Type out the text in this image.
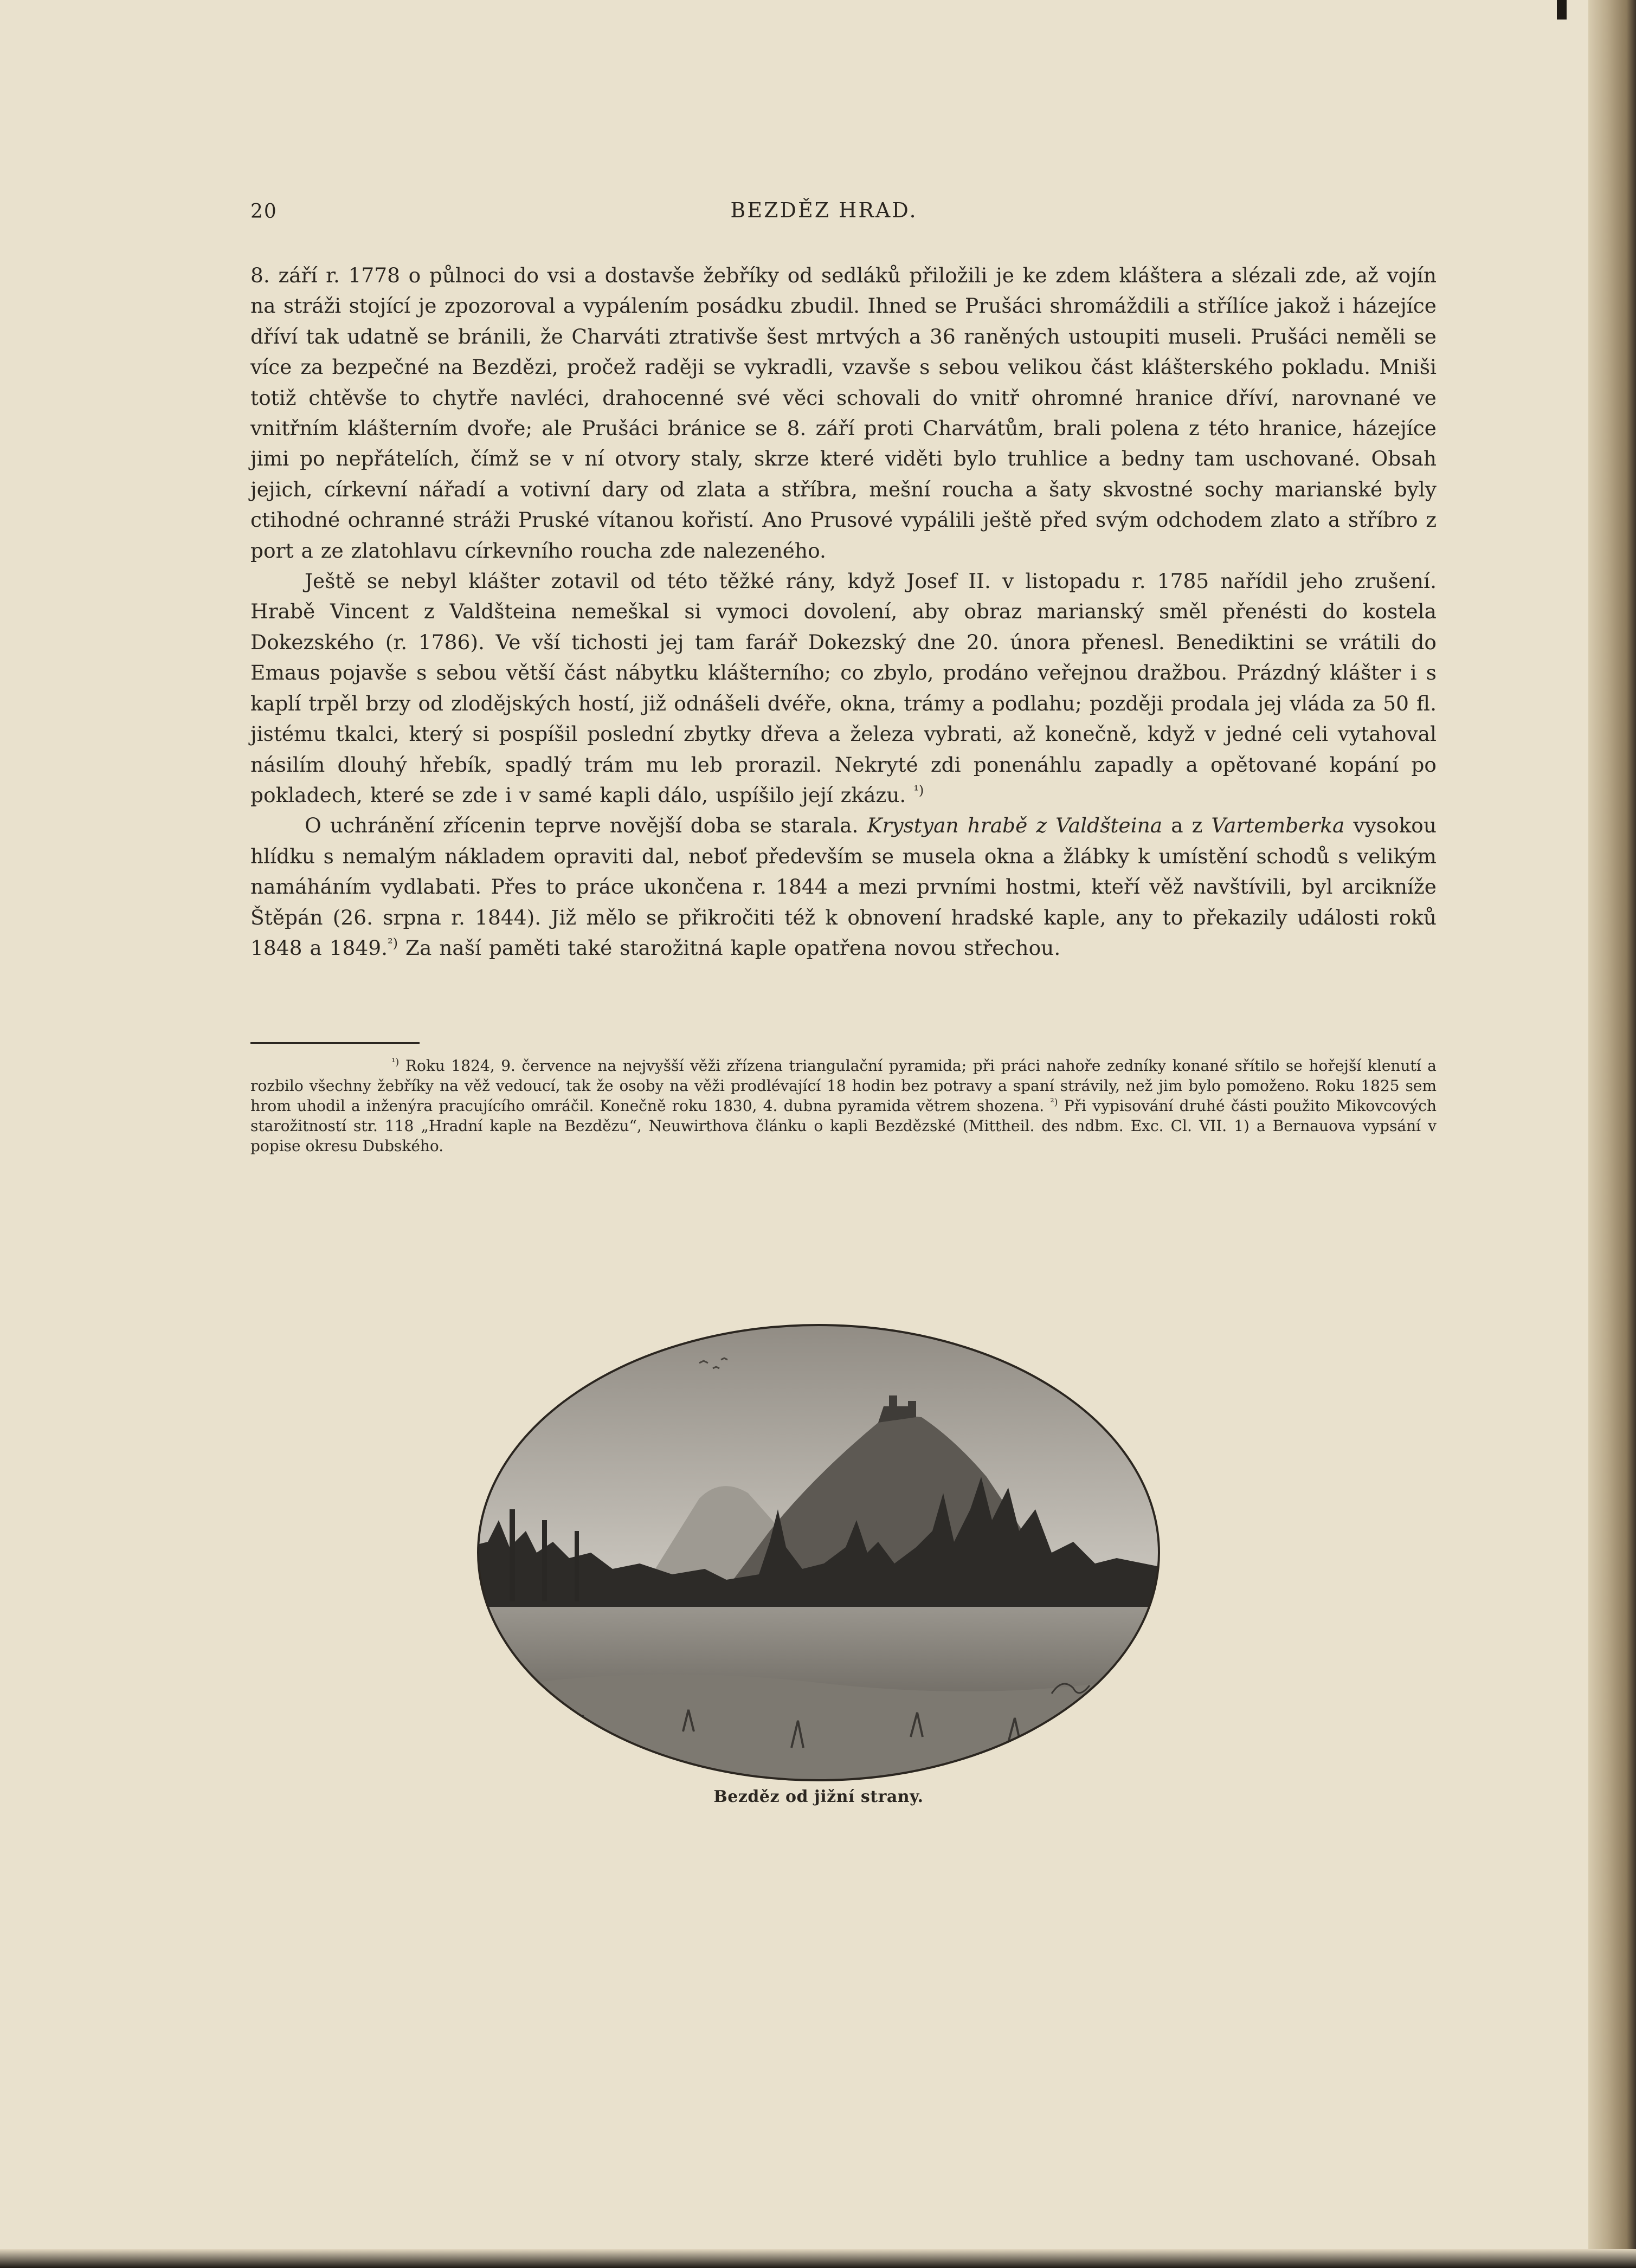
20	BEZDĚZ HRAD.

8. září r. 1778 o půlnoci do vsi a dostavše žebříky od sedláků přiložili je ke zdem kláštera a slézali zde, až vojín na stráži stojící je zpozoroval a vypálením posádku zbudil. Ihned se Prušáci shromáždili a střílíce jakož i házejíce dříví tak udatně se bránili, že Charváti ztrativše šest mrtvých a 36 raněných ustoupiti museli. Prušáci neměli se více za bezpečné na Bezdězi, pročež raději se vykradli, vzavše s sebou velikou část klášterského pokladu. Mniši totiž chtěvše to chytře navléci, drahocenné své věci schovali do vnitř ohromné hranice dříví, narovnané ve vnitřním klášterním dvoře; ale Prušáci bránice se 8. září proti Charvátům, brali polena z této hranice, házejíce jimi po nepřátelích, čímž se v ní otvory staly, skrze které viděti bylo truhlice a bedny tam uschované. Obsah jejich, církevní nářadí a votivní dary od zlata a stříbra, mešní roucha a šaty skvostné sochy marianské byly ctihodné ochranné stráži Pruské vítanou kořistí. Ano Prusové vypálili ještě před svým odchodem zlato a stříbro z port a ze zlatohlavu církevního roucha zde nalezeného.

Ještě se nebyl klášter zotavil od této těžké rány, když Josef II. v listopadu r. 1785 nařídil jeho zrušení. Hrabě Vincent z Valdšteina nemeškal si vymoci dovolení, aby obraz marianský směl přenésti do kostela Dokezského (r. 1786). Ve vší tichosti jej tam farář Dokezský dne 20. února přenesl. Benediktini se vrátili do Emaus pojavše s sebou větší část nábytku klášterního; co zbylo, prodáno veřejnou dražbou. Prázdný klášter i s kaplí trpěl brzy od zlodějských hostí, již odnášeli dvéře, okna, trámy a podlahu; později prodala jej vláda za 50 fl. jistému tkalci, který si pospíšil poslední zbytky dřeva a železa vybrati, až konečně, když v jedné celi vytahoval násilím dlouhý hřebík, spadlý trám mu leb prorazil. Nekryté zdi ponenáhlu zapadly a opětované kopání po pokladech, které se zde i v samé kapli dálo, uspíšilo její zkázu. $^{^1)}$

O uchránění zřícenin teprve novější doba se starala. Krystyan hrabě z Valdšteina a z Vartemberka vysokou hlídku s nemalým nákladem opraviti dal, neboť především se musela okna a žlábky k umístění schodů s velikým namáháním vydlabati. Přes to práce ukončena r. 1844 a mezi prvními hostmi, kteří věž navštívili, byl arcikníže Štěpán (26. srpna r. 1844). Již mělo se přikročiti též k obnovení hradské kaple, any to překazily události roků 1848 a 1849.$^{^2)}$ Za naší paměti také starožitná kaple opatřena novou střechou.

$^{^1)}$ Roku 1824, 9. července na nejvyšší věži zřízena triangulační pyramida; při práci nahoře zedníky konané sřítilo se hořejší klenutí a rozbilo všechny žebříky na věž vedoucí, tak že osoby na věži prodlévající 18 hodin bez potravy a spaní strávily, než jim bylo pomoženo. Roku 1825 sem hrom uhodil a inženýra pracujícího omráčil. Konečně roku 1830, 4. dubna pyramida větrem shozena. $^{^2)}$ Při vypisování druhé části použito Mikovcových starožitností str. 118 „Hradní kaple na Bezdězu“, Neuwirthova článku o kapli Bezdězské (Mittheil. des ndbm. Exc. Cl. VII. 1) a Bernauova vypsání v popise okresu Dubského.
Bezděz od jižní strany.
